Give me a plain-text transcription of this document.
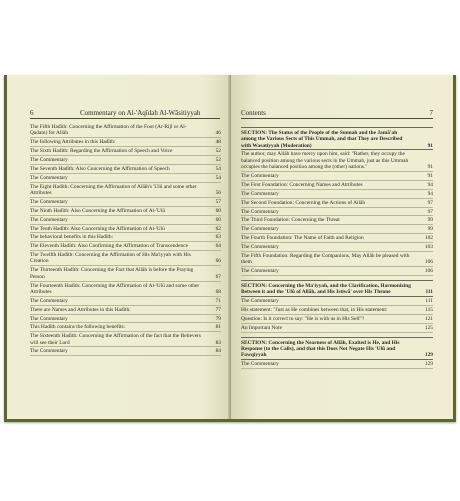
6	Commentary on Al-'Aqīdah Al-Wāsitiyyah
The Fifth Hadīth: Concerning the Affirmation of the Foot (Ar-Rijl or Al-Qadam) for Allāh	46
The following Attributes in this Hadīth:	48
The Sixth Hadīth: Regarding the Affirmation of Speech and Voice	52
The Commentary	52
The Seventh Hadīth: Also Concerning the Affirmation of Speech	54
The Commentary	54
The Eight Hadīth: Concerning the Affirmation of Allāh's 'Ulū and some other Attributes	56
The Commentary	57
The Ninth Hadīth: Also Concerning the Affirmation of Al-'Ulū	60
The Commentary	60
The Tenth Hadīth: Also Concerning the Affirmation of Al-'Ulū	62
The behavioral benefits in this Hadīth:	63
The Eleventh Hadīth: Also Confirming the Affirmation of Transcendence	64
The Twelfth Hadīth: Concerning the Affirmation of His Ma'iyyah with His Creation	66
The Thirteenth Hadīth: Concerning the Fact that Allāh is before the Praying Person	67
The Fourteenth Hadīth: Concerning the Affirmation of Al-'Ulū and some other Attributes	68
The Commentary	71
There are Names and Attributes in this Hadīth:	77
The Commentary	79
This Hadīth contains the following benefits:	81
The Sixteenth Hadīth: Concerning the Affirmation of the fact that the Believers will see their Lord	83
The Commentary	84
Contents	7
SECTION: The Status of the People of the Sunnah and the Jamā'ah among the Various Sects of This Ummah, and that They are Described with Wasatiyyah (Moderation)	91
The author, may Allāh have mercy upon him, said: "Rather, they occupy the balanced position among the various sects in the Ummah, just as this Ummah occupies the balanced position among the (other) nations."	91
The Commentary	91
The First Foundation: Concerning Names and Attributes	94
The Commentary	94
The Second Foundation: Concerning the Actions of Allāh	97
The Commentary	97
The Third Foundation: Concerning the Threat	99
The Commentary	99
The Fourth Foundation: The Name of Faith and Religion	102
The Commentary	103
The Fifth Foundation: Regarding the Companions, May Allāh be pleased with them	106
The Commentary	106
SECTION: Concerning the Ma'iyyah, and the Clarification, Harmonizing Between it and the 'Ulū of Allāh, and His Istiwā' over His Throne	111
The Commentary	111
His statement: "Just as He combines between that, in His statement:	115
Question: Is it correct to say: "He is with us in His Self"?	121
An Important Note	125
SECTION: Concerning the Nearness of Allāh, Exalted is He, and His Response (to the Calls), and that this Does Not Negate His 'Ulū and Fawqiyyah	129
The Commentary	129
